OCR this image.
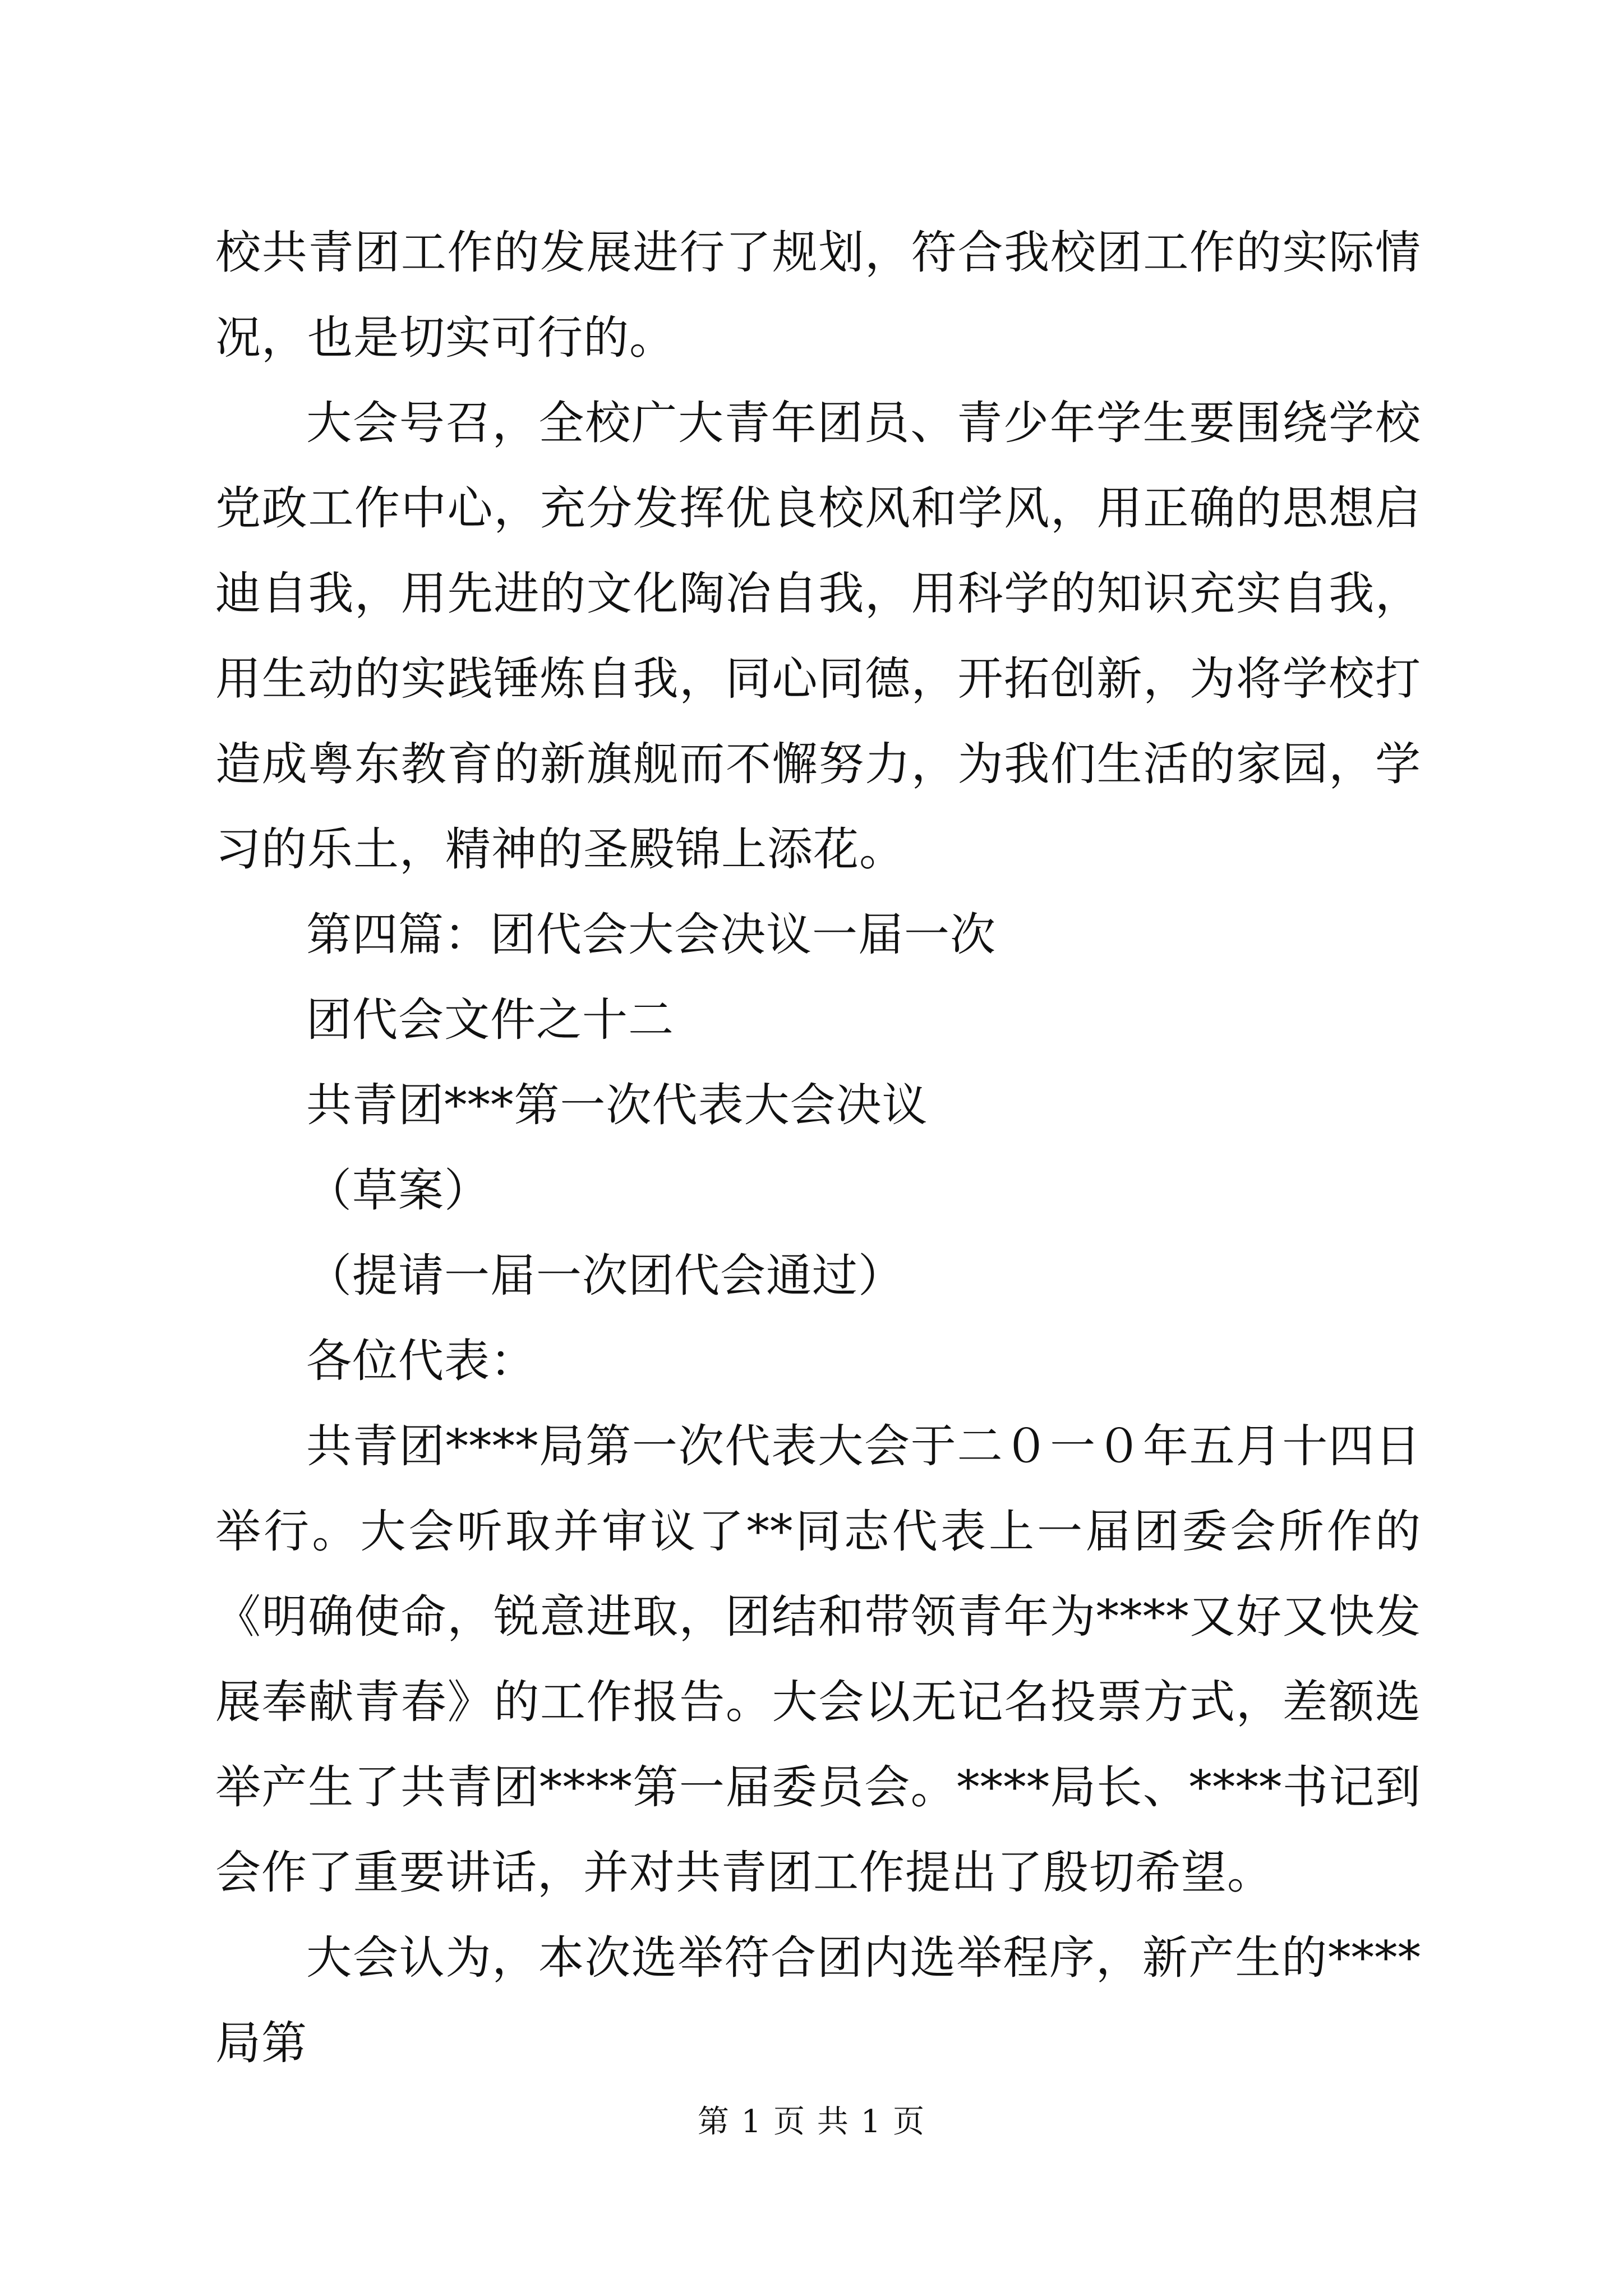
校共青团工作的发展进行了规划，符合我校团工作的实际情况，也是切实可行的。

大会号召，全校广大青年团员、青少年学生要围绕学校党政工作中心，充分发挥优良校风和学风，用正确的思想启迪自我，用先进的文化陶冶自我，用科学的知识充实自我，用生动的实践锤炼自我，同心同德，开拓创新，为将学校打造成粤东教育的新旗舰而不懈努力，为我们生活的家园，学习的乐土，精神的圣殿锦上添花。

第四篇：团代会大会决议一届一次

团代会文件之十二

共青团***第一次代表大会决议

（草案）

（提请一届一次团代会通过）

各位代表：

共青团****局第一次代表大会于二０一０年五月十四日举行。大会听取并审议了**同志代表上一届团委会所作的《明确使命，锐意进取，团结和带领青年为****又好又快发展奉献青春》的工作报告。大会以无记名投票方式，差额选举产生了共青团****第一届委员会。****局长、****书记到会作了重要讲话，并对共青团工作提出了殷切希望。

大会认为，本次选举符合团内选举程序，新产生的****局第

第 1 页 共 1 页
